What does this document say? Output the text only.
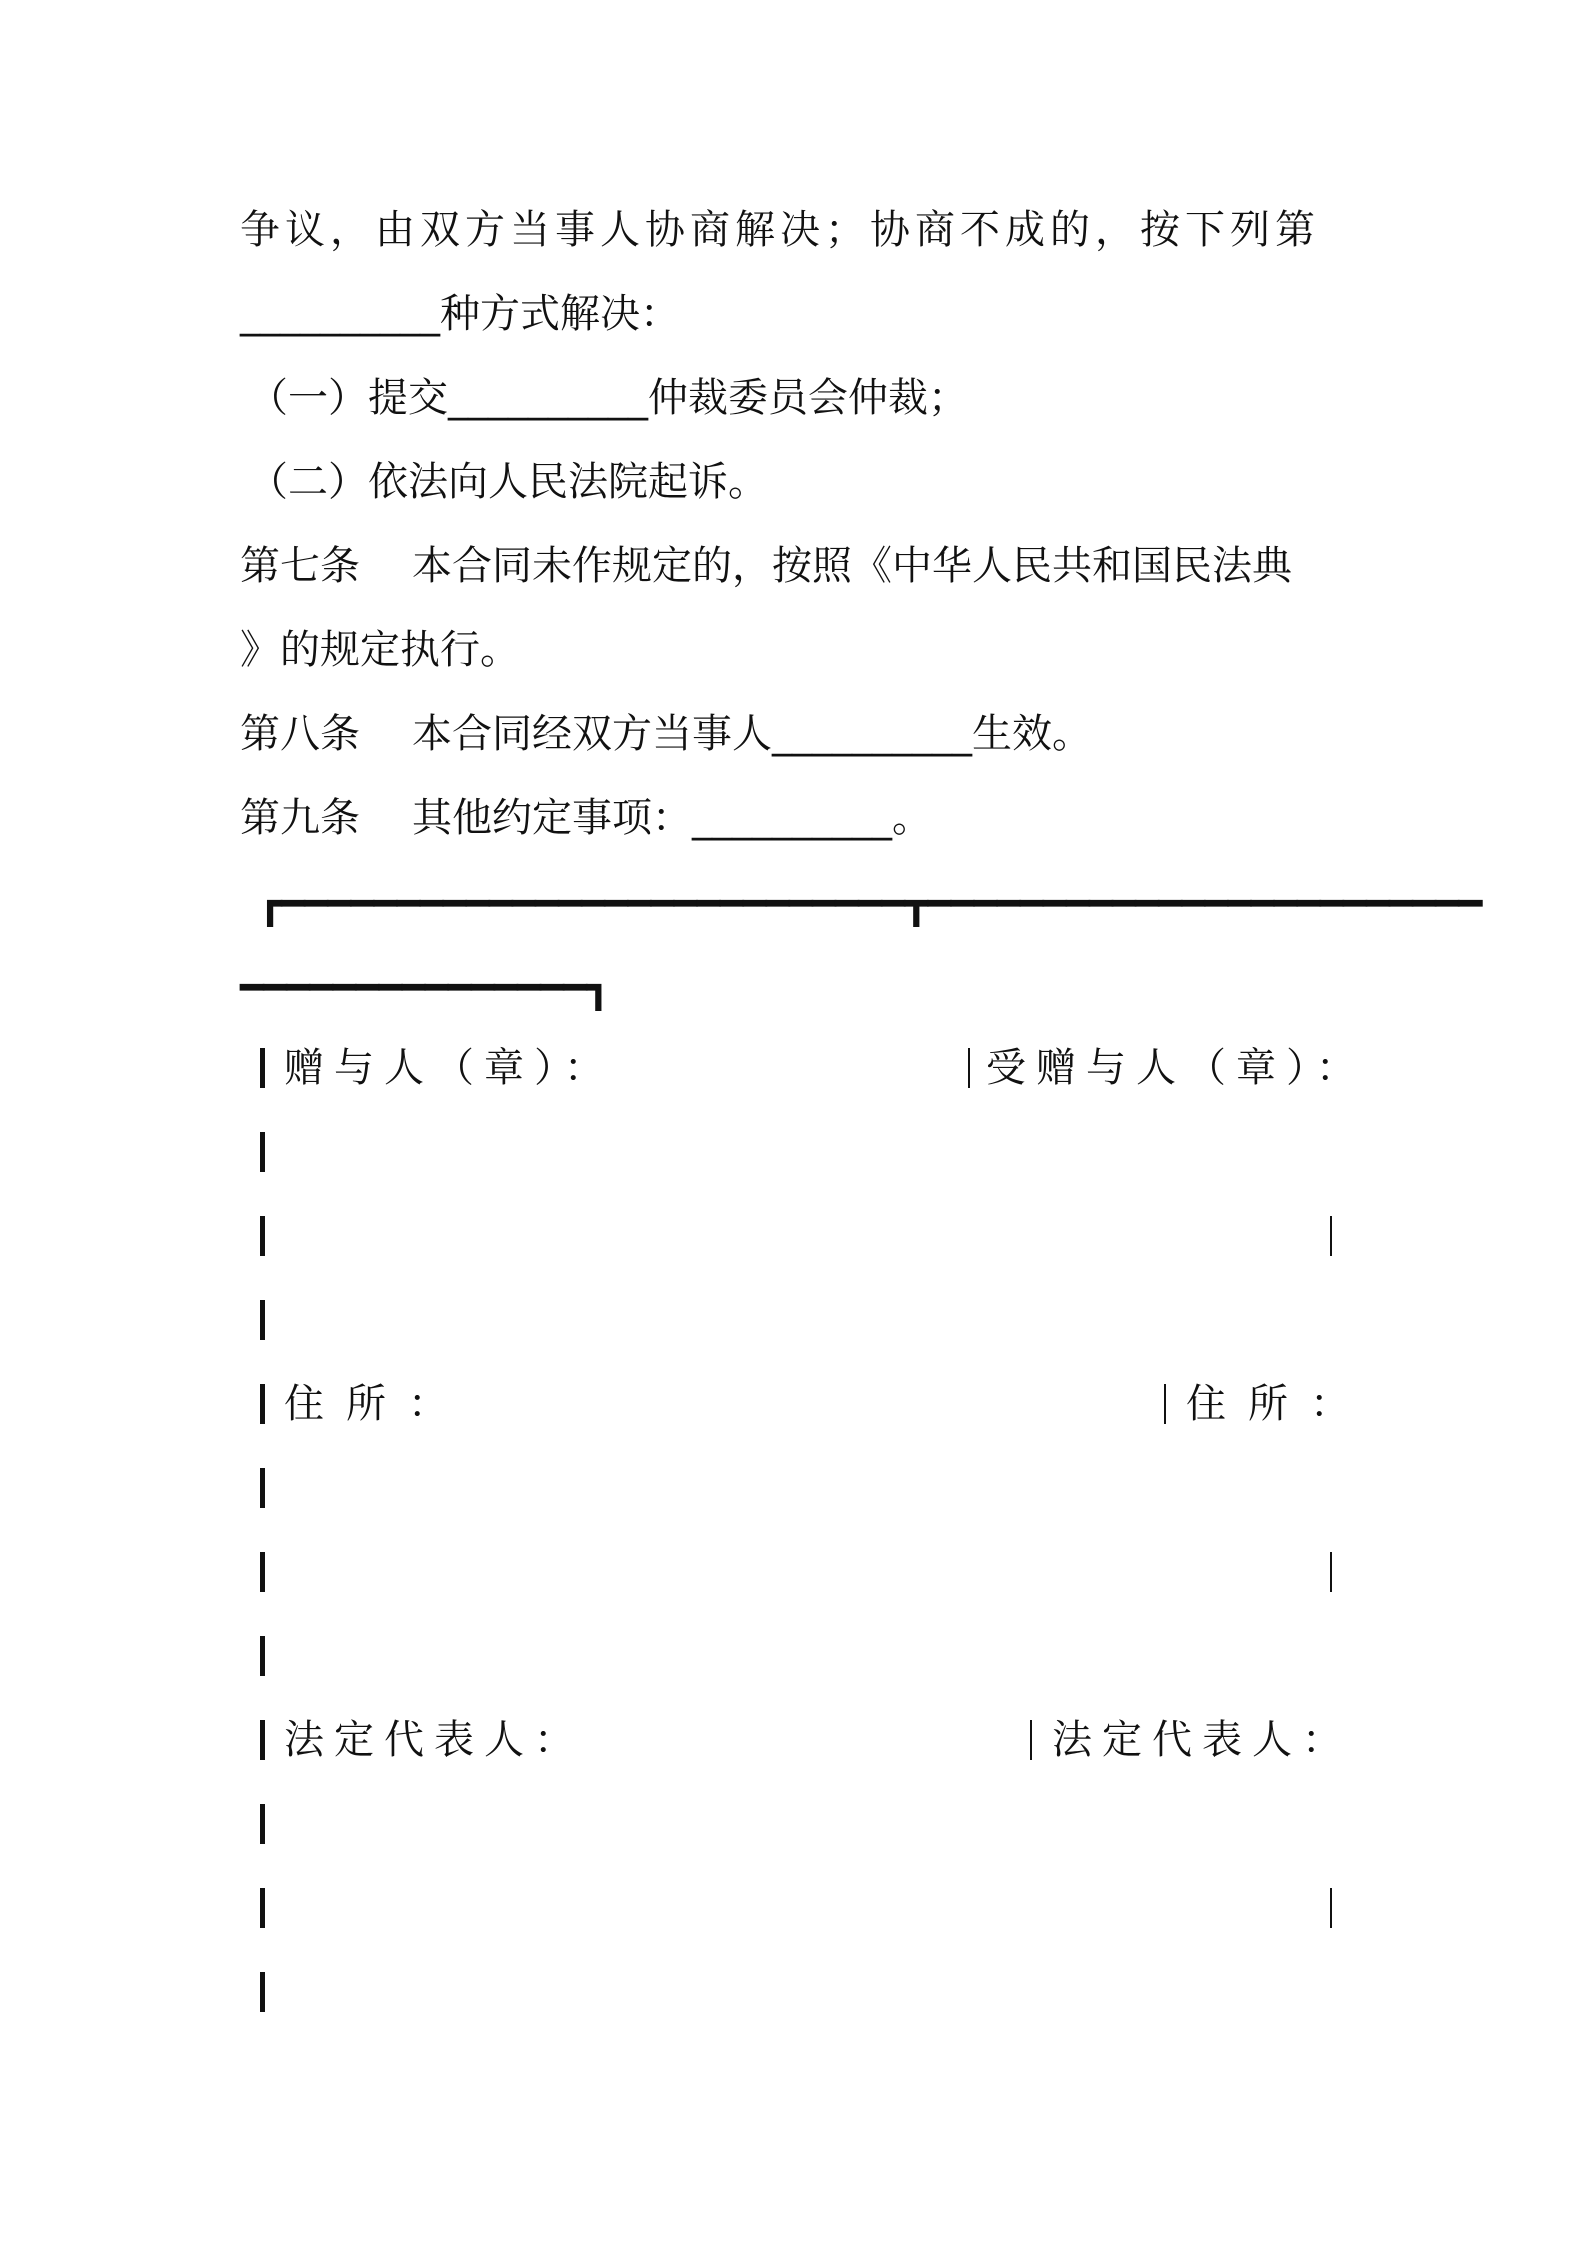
争议，由双方当事人协商解决；协商不成的，按下列第
__________种方式解决：
（一）提交__________仲裁委员会仲裁；
（二）依法向人民法院起诉。
第七条 本合同未作规定的，按照《中华人民共和国民法典
》的规定执行。
第八条 本合同经双方当事人__________生效。
第九条 其他约定事项：__________。
┏━━━━━━━━━━━━━━━━━━━━━━━━━━━┳━━━━━━━━━━━━━━━━━━━━━━━━
━━━━━━━━━━━━━━━┓
赠与人（章）：	受赠与人（章）：
住所：	住所：
法定代表人：	法定代表人：
